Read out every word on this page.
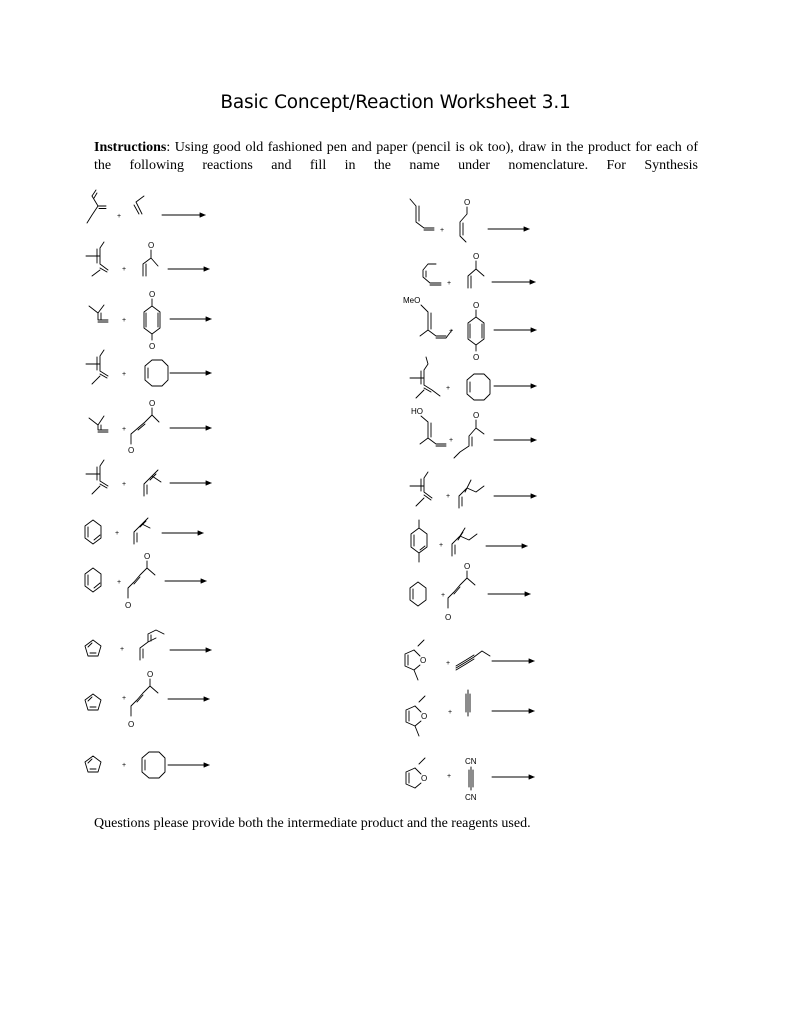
Basic Concept/Reaction Worksheet 3.1
Instructions: Using good old fashioned pen and paper (pencil is ok too), draw in the product for each of the following reactions and fill in the name under nomenclature. For Synthesis
+
+
O
+
O
O
+
+
O
O
+
+
+
O
O
+
+
O
O
+
+
O
+
O
MeO
+
O
O
+
HO
+
O
+
+
+
O
O
O	+
O	+
O	+
CN
CN
Questions please provide both the intermediate product and the reagents used.
